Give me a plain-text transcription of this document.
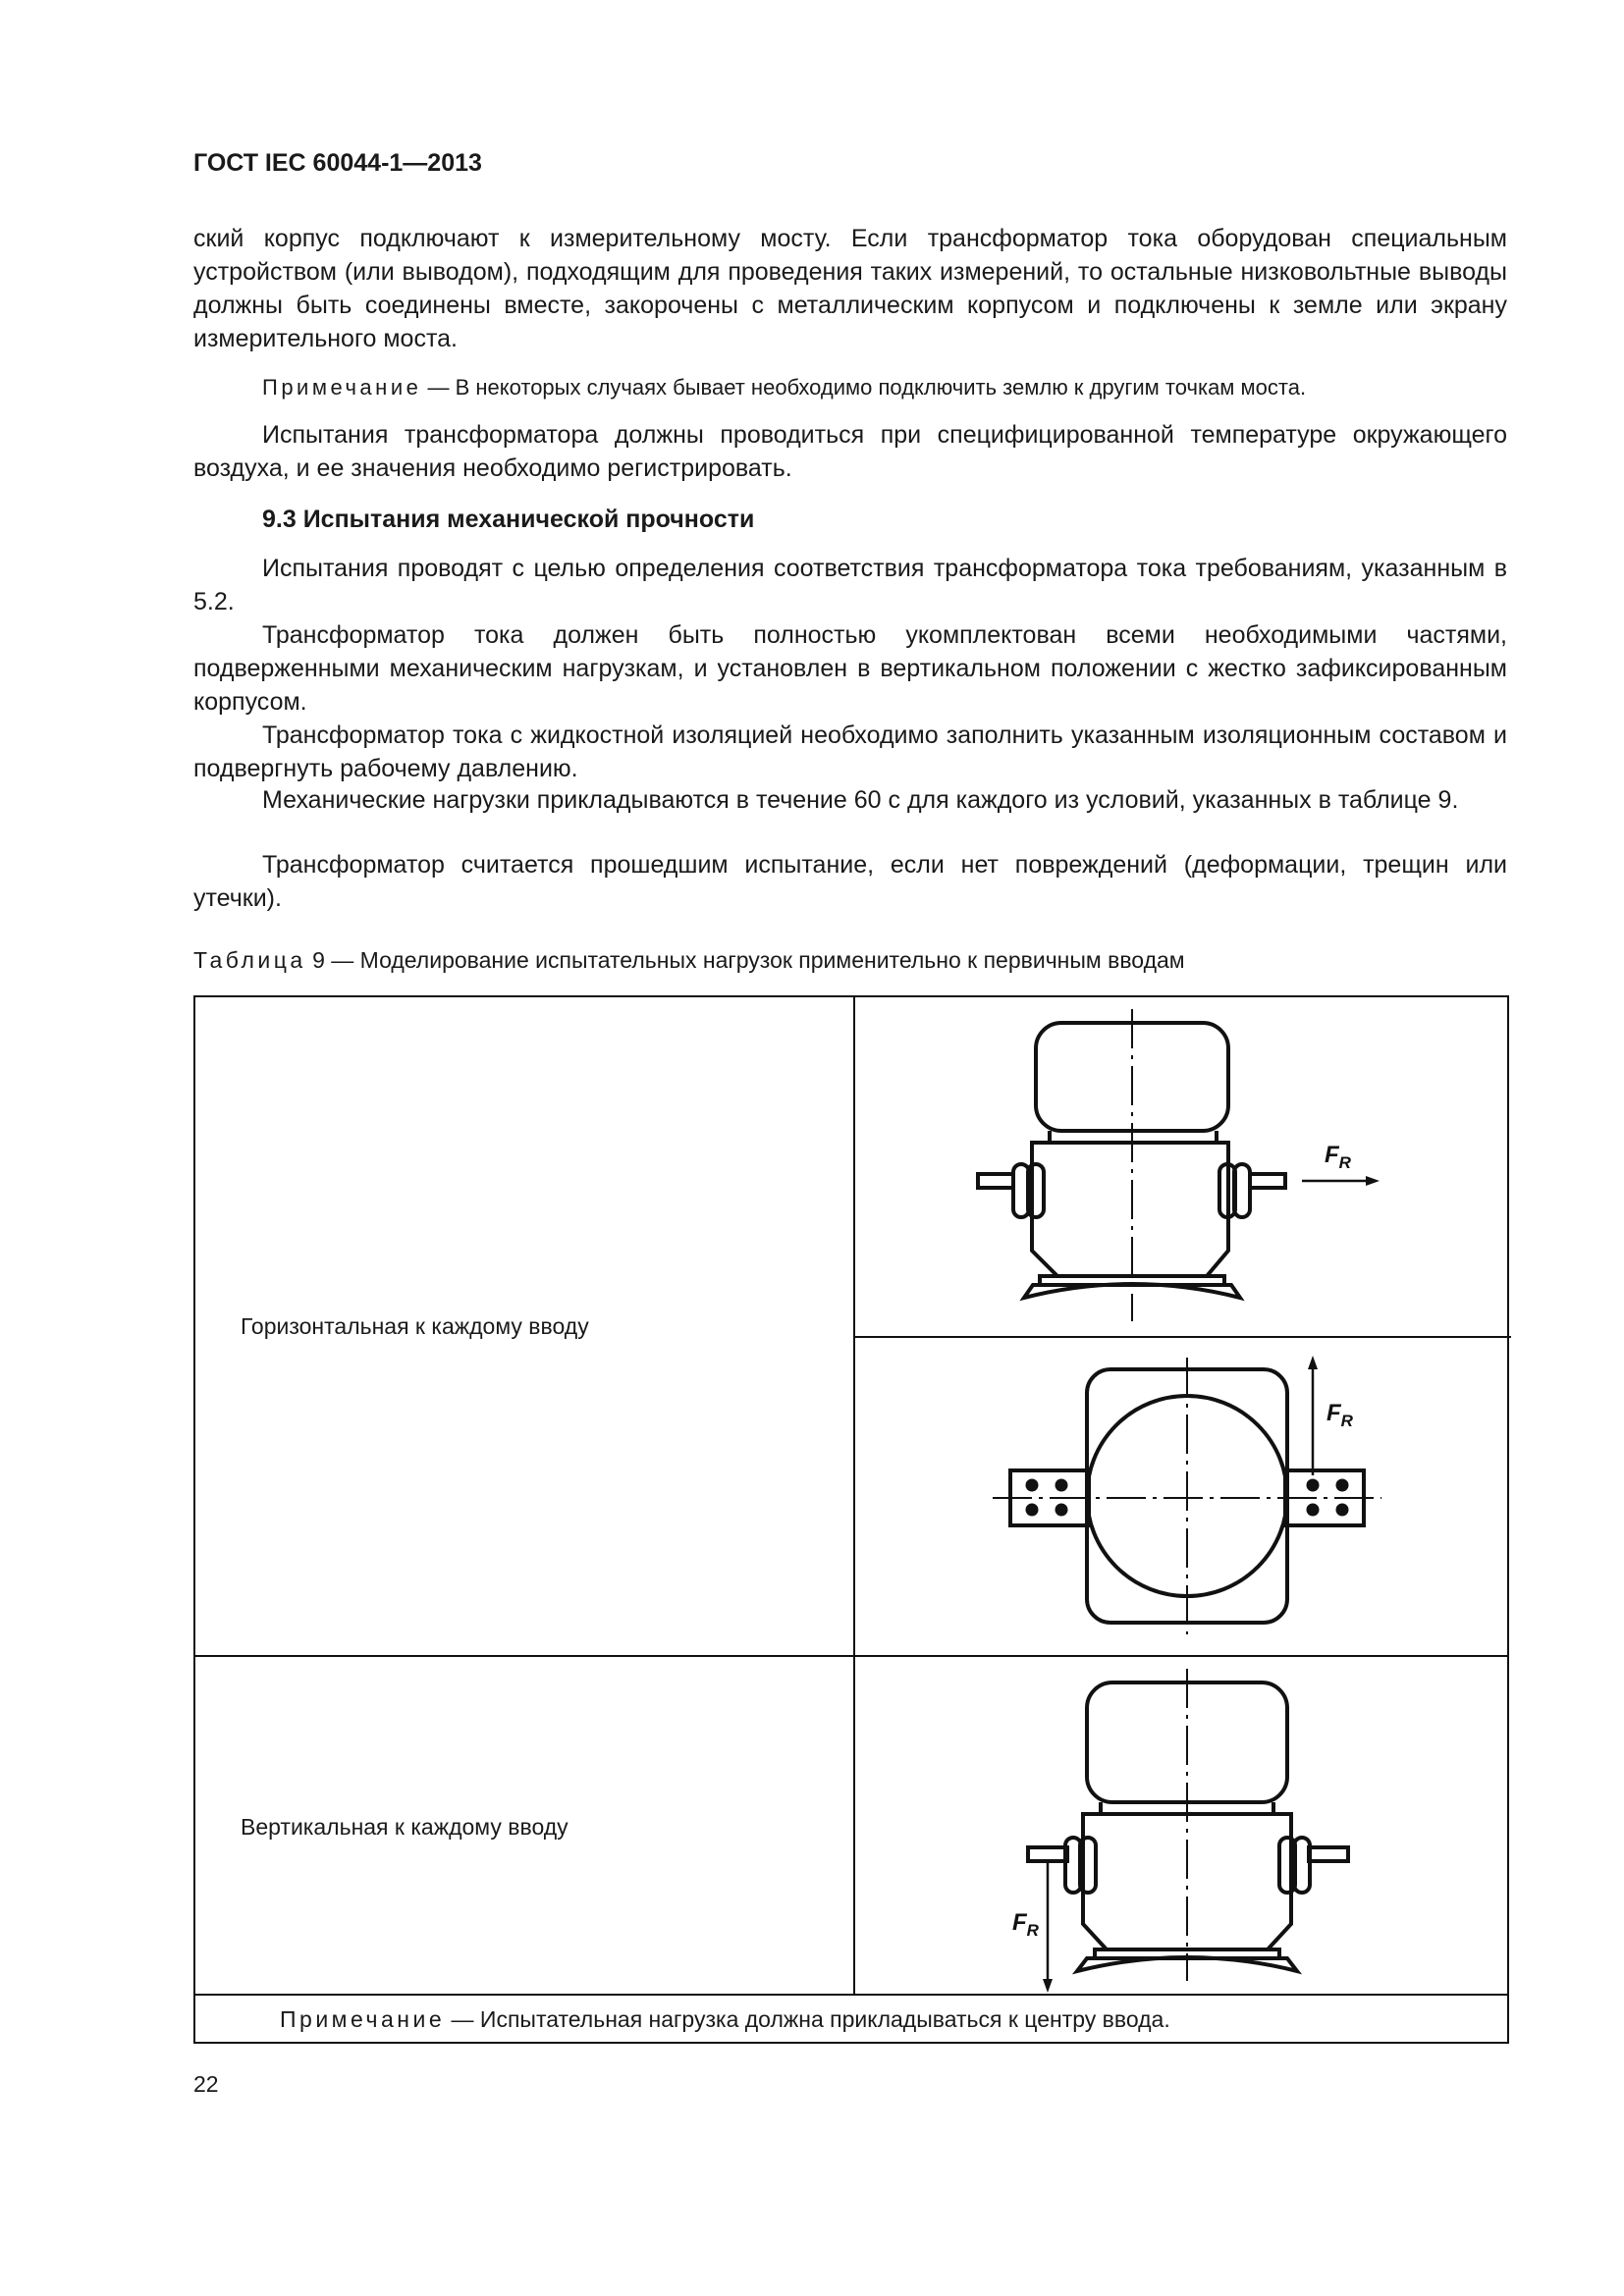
ГОСТ IEC 60044-1—2013

ский корпус подключают к измерительному мосту. Если трансформатор тока оборудован специальным устройством (или выводом), подходящим для проведения таких измерений, то остальные низковольтные выводы должны быть соединены вместе, закорочены с металлическим корпусом и подключены к земле или экрану измерительного моста.

Примечание — В некоторых случаях бывает необходимо подключить землю к другим точкам моста.

Испытания трансформатора должны проводиться при специфицированной температуре окружающего воздуха, и ее значения необходимо регистрировать.

9.3 Испытания механической прочности

Испытания проводят с целью определения соответствия трансформатора тока требованиям, указанным в 5.2.

Трансформатор тока должен быть полностью укомплектован всеми необходимыми частями, подверженными механическим нагрузкам, и установлен в вертикальном положении с жестко зафиксированным корпусом.

Трансформатор тока с жидкостной изоляцией необходимо заполнить указанным изоляционным составом и подвергнуть рабочему давлению.

Механические нагрузки прикладываются в течение 60 с для каждого из условий, указанных в таблице 9.

Трансформатор считается прошедшим испытание, если нет повреждений (деформации, трещин или утечки).

Таблица 9 — Моделирование испытательных нагрузок применительно к первичным вводам
Горизонтальная к каждому вводу
Вертикальная к каждому вводу
$F_R$
$F_R$
$F_R$
Примечание — Испытательная нагрузка должна прикладываться к центру ввода.
22
